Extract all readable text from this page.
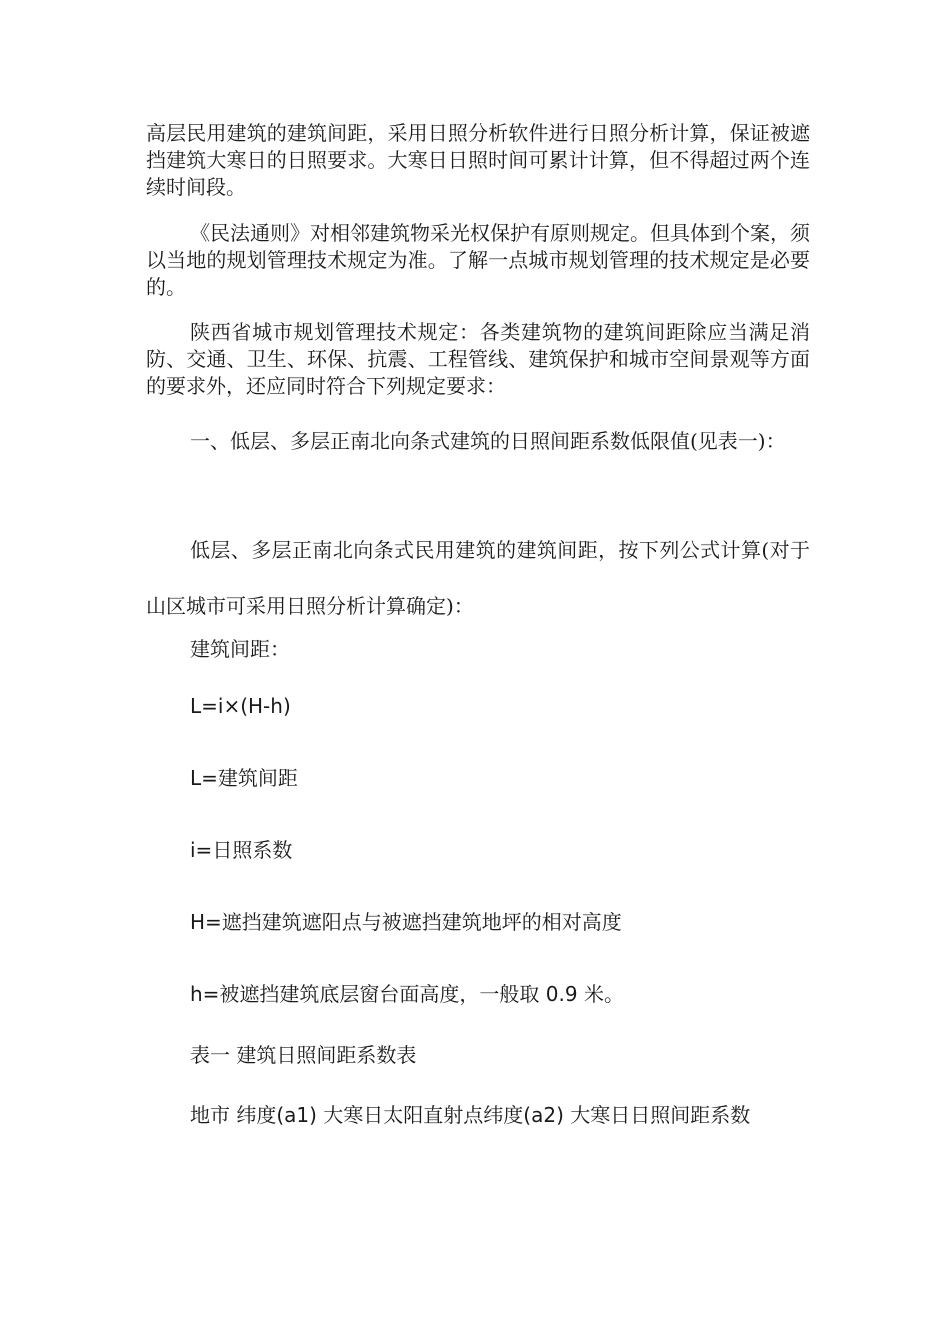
高层民用建筑的建筑间距，采用日照分析软件进行日照分析计算，保证被遮挡建筑大寒日的日照要求。大寒日日照时间可累计计算，但不得超过两个连续时间段。

《民法通则》对相邻建筑物采光权保护有原则规定。但具体到个案，须以当地的规划管理技术规定为准。了解一点城市规划管理的技术规定是必要的。

陕西省城市规划管理技术规定：各类建筑物的建筑间距除应当满足消防、交通、卫生、环保、抗震、工程管线、建筑保护和城市空间景观等方面的要求外，还应同时符合下列规定要求：

一、低层、多层正南北向条式建筑的日照间距系数低限值(见表一)：

低层、多层正南北向条式民用建筑的建筑间距，按下列公式计算(对于山区城市可采用日照分析计算确定)：

建筑间距：

L=i×(H-h)

L=建筑间距

i=日照系数

H=遮挡建筑遮阳点与被遮挡建筑地坪的相对高度

h=被遮挡建筑底层窗台面高度，一般取 0.9 米。

表一 建筑日照间距系数表

地市 纬度(a1) 大寒日太阳直射点纬度(a2) 大寒日日照间距系数
